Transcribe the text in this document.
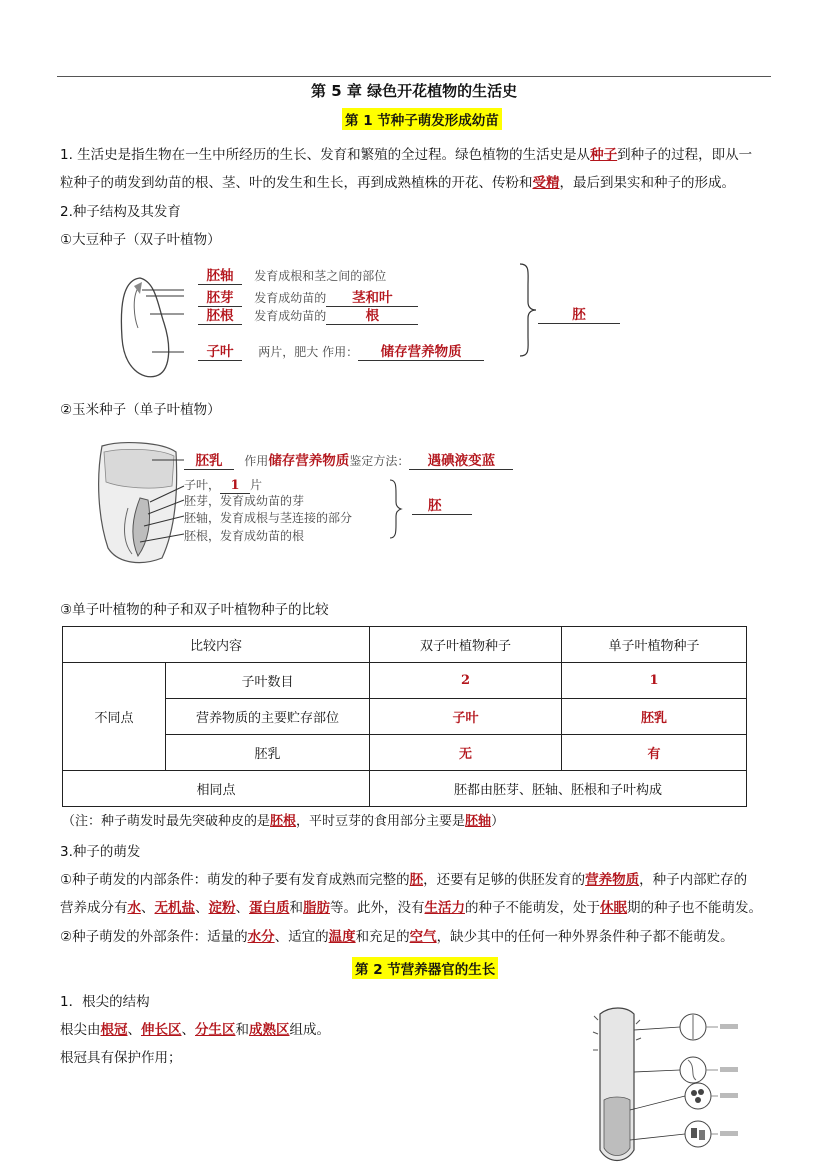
第 5 章 绿色开花植物的生活史
第 1 节种子萌发形成幼苗
1. 生活史是指生物在一生中所经历的生长、发育和繁殖的全过程。绿色植物的生活史是从种子到种子的过程，即从一
粒种子的萌发到幼苗的根、茎、叶的发生和生长，再到成熟植株的开花、传粉和受精，最后到果实和种子的形成。
2.种子结构及其发育
①大豆种子（双子叶植物）
胚轴 发育成根和茎之间的部位
胚芽 发育成幼苗的 茎和叶
胚根 发育成幼苗的	根
子叶 两片，肥大 作用： 储存营养物质
胚
②玉米种子（单子叶植物）
胚乳 作用储存营养物质鉴定方法： 遇碘液变蓝
子叶， 1 片
胚芽，发育成幼苗的芽
胚轴，发育成根与茎连接的部分
胚根，发育成幼苗的根
胚
③单子叶植物的种子和双子叶植物种子的比较
比较内容		双子叶植物种子	单子叶植物种子
不同点	子叶数目	2	1
	营养物质的主要贮存部位	子叶	胚乳
	胚乳	无	有
相同点		胚都由胚芽、胚轴、胚根和子叶构成	
（注：种子萌发时最先突破种皮的是胚根，平时豆芽的食用部分主要是胚轴）
3.种子的萌发
①种子萌发的内部条件：萌发的种子要有发育成熟而完整的胚，还要有足够的供胚发育的营养物质，种子内部贮存的
营养成分有水、无机盐、淀粉、蛋白质和脂肪等。此外，没有生活力的种子不能萌发，处于休眠期的种子也不能萌发。
②种子萌发的外部条件：适量的水分、适宜的温度和充足的空气，缺少其中的任何一种外界条件种子都不能萌发。
第 2 节营养器官的生长
1．根尖的结构
根尖由根冠、伸长区、分生区和成熟区组成。
根冠具有保护作用；
